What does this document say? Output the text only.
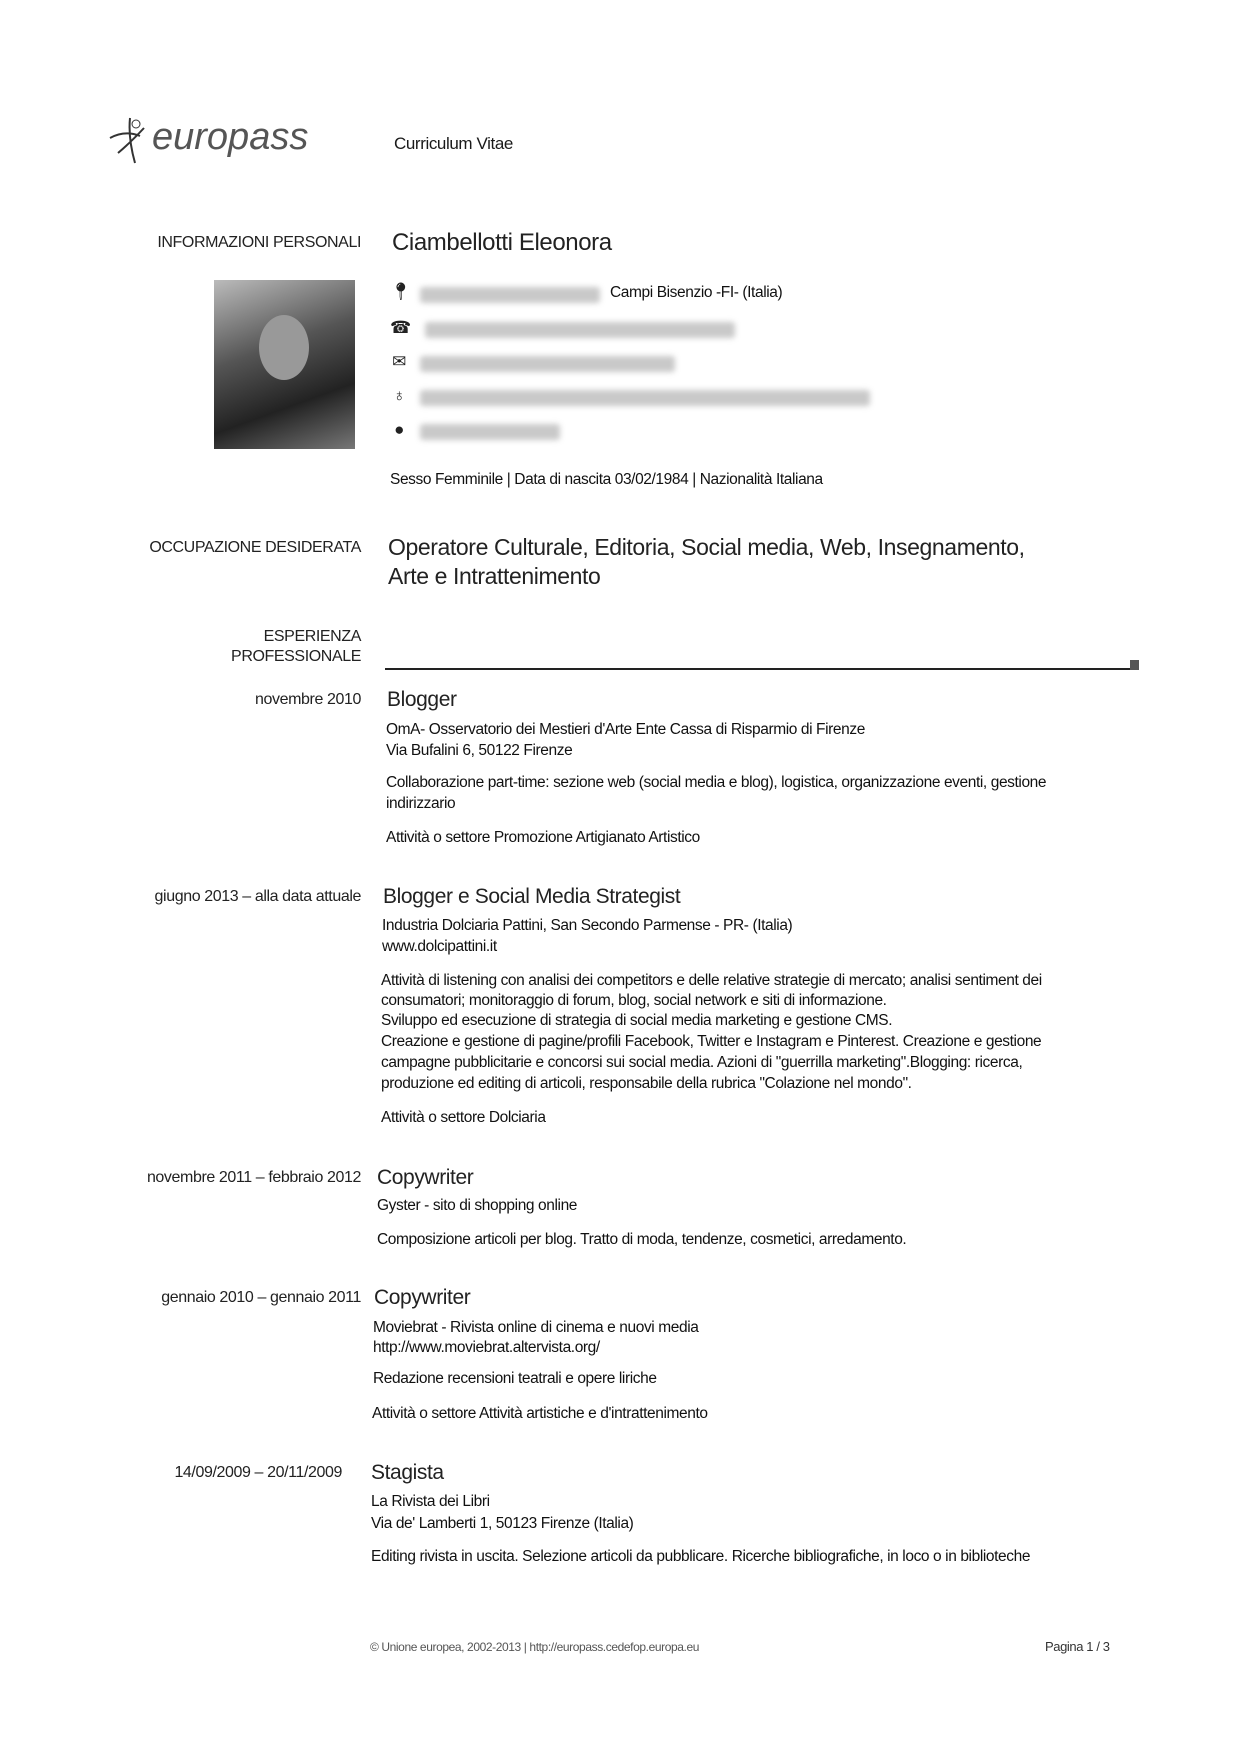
europass	Curriculum Vitae
INFORMAZIONI PERSONALI Ciambellotti Eleonora
📍︎	Campi Bisenzio -FI- (Italia)
☎
✉
♁
●
Sesso Femminile | Data di nascita 03/02/1984 | Nazionalità Italiana
OCCUPAZIONE DESIDERATA Operatore Culturale, Editoria, Social media, Web, Insegnamento,
Arte e Intrattenimento
ESPERIENZA
PROFESSIONALE
novembre 2010 Blogger
OmA- Osservatorio dei Mestieri d'Arte Ente Cassa di Risparmio di Firenze
Via Bufalini 6, 50122 Firenze
Collaborazione part-time: sezione web (social media e blog), logistica, organizzazione eventi, gestione
indirizzario
Attività o settore Promozione Artigianato Artistico
giugno 2013 – alla data attuale Blogger e Social Media Strategist
Industria Dolciaria Pattini, San Secondo Parmense - PR- (Italia)
www.dolcipattini.it
Attività di listening con analisi dei competitors e delle relative strategie di mercato; analisi sentiment dei
consumatori; monitoraggio di forum, blog, social network e siti di informazione.
Sviluppo ed esecuzione di strategia di social media marketing e gestione CMS.
Creazione e gestione di pagine/profili Facebook, Twitter e Instagram e Pinterest. Creazione e gestione
campagne pubblicitarie e concorsi sui social media. Azioni di "guerrilla marketing".Blogging: ricerca,
produzione ed editing di articoli, responsabile della rubrica "Colazione nel mondo".
Attività o settore Dolciaria
novembre 2011 – febbraio 2012 Copywriter
Gyster - sito di shopping online
Composizione articoli per blog. Tratto di moda, tendenze, cosmetici, arredamento.
gennaio 2010 – gennaio 2011 Copywriter
Moviebrat - Rivista online di cinema e nuovi media
http://www.moviebrat.altervista.org/
Redazione recensioni teatrali e opere liriche
Attività o settore Attività artistiche e d'intrattenimento
14/09/2009 – 20/11/2009 Stagista
La Rivista dei Libri
Via de' Lamberti 1, 50123 Firenze (Italia)
Editing rivista in uscita. Selezione articoli da pubblicare. Ricerche bibliografiche, in loco o in biblioteche
© Unione europea, 2002-2013 | http://europass.cedefop.europa.eu	Pagina 1 / 3
